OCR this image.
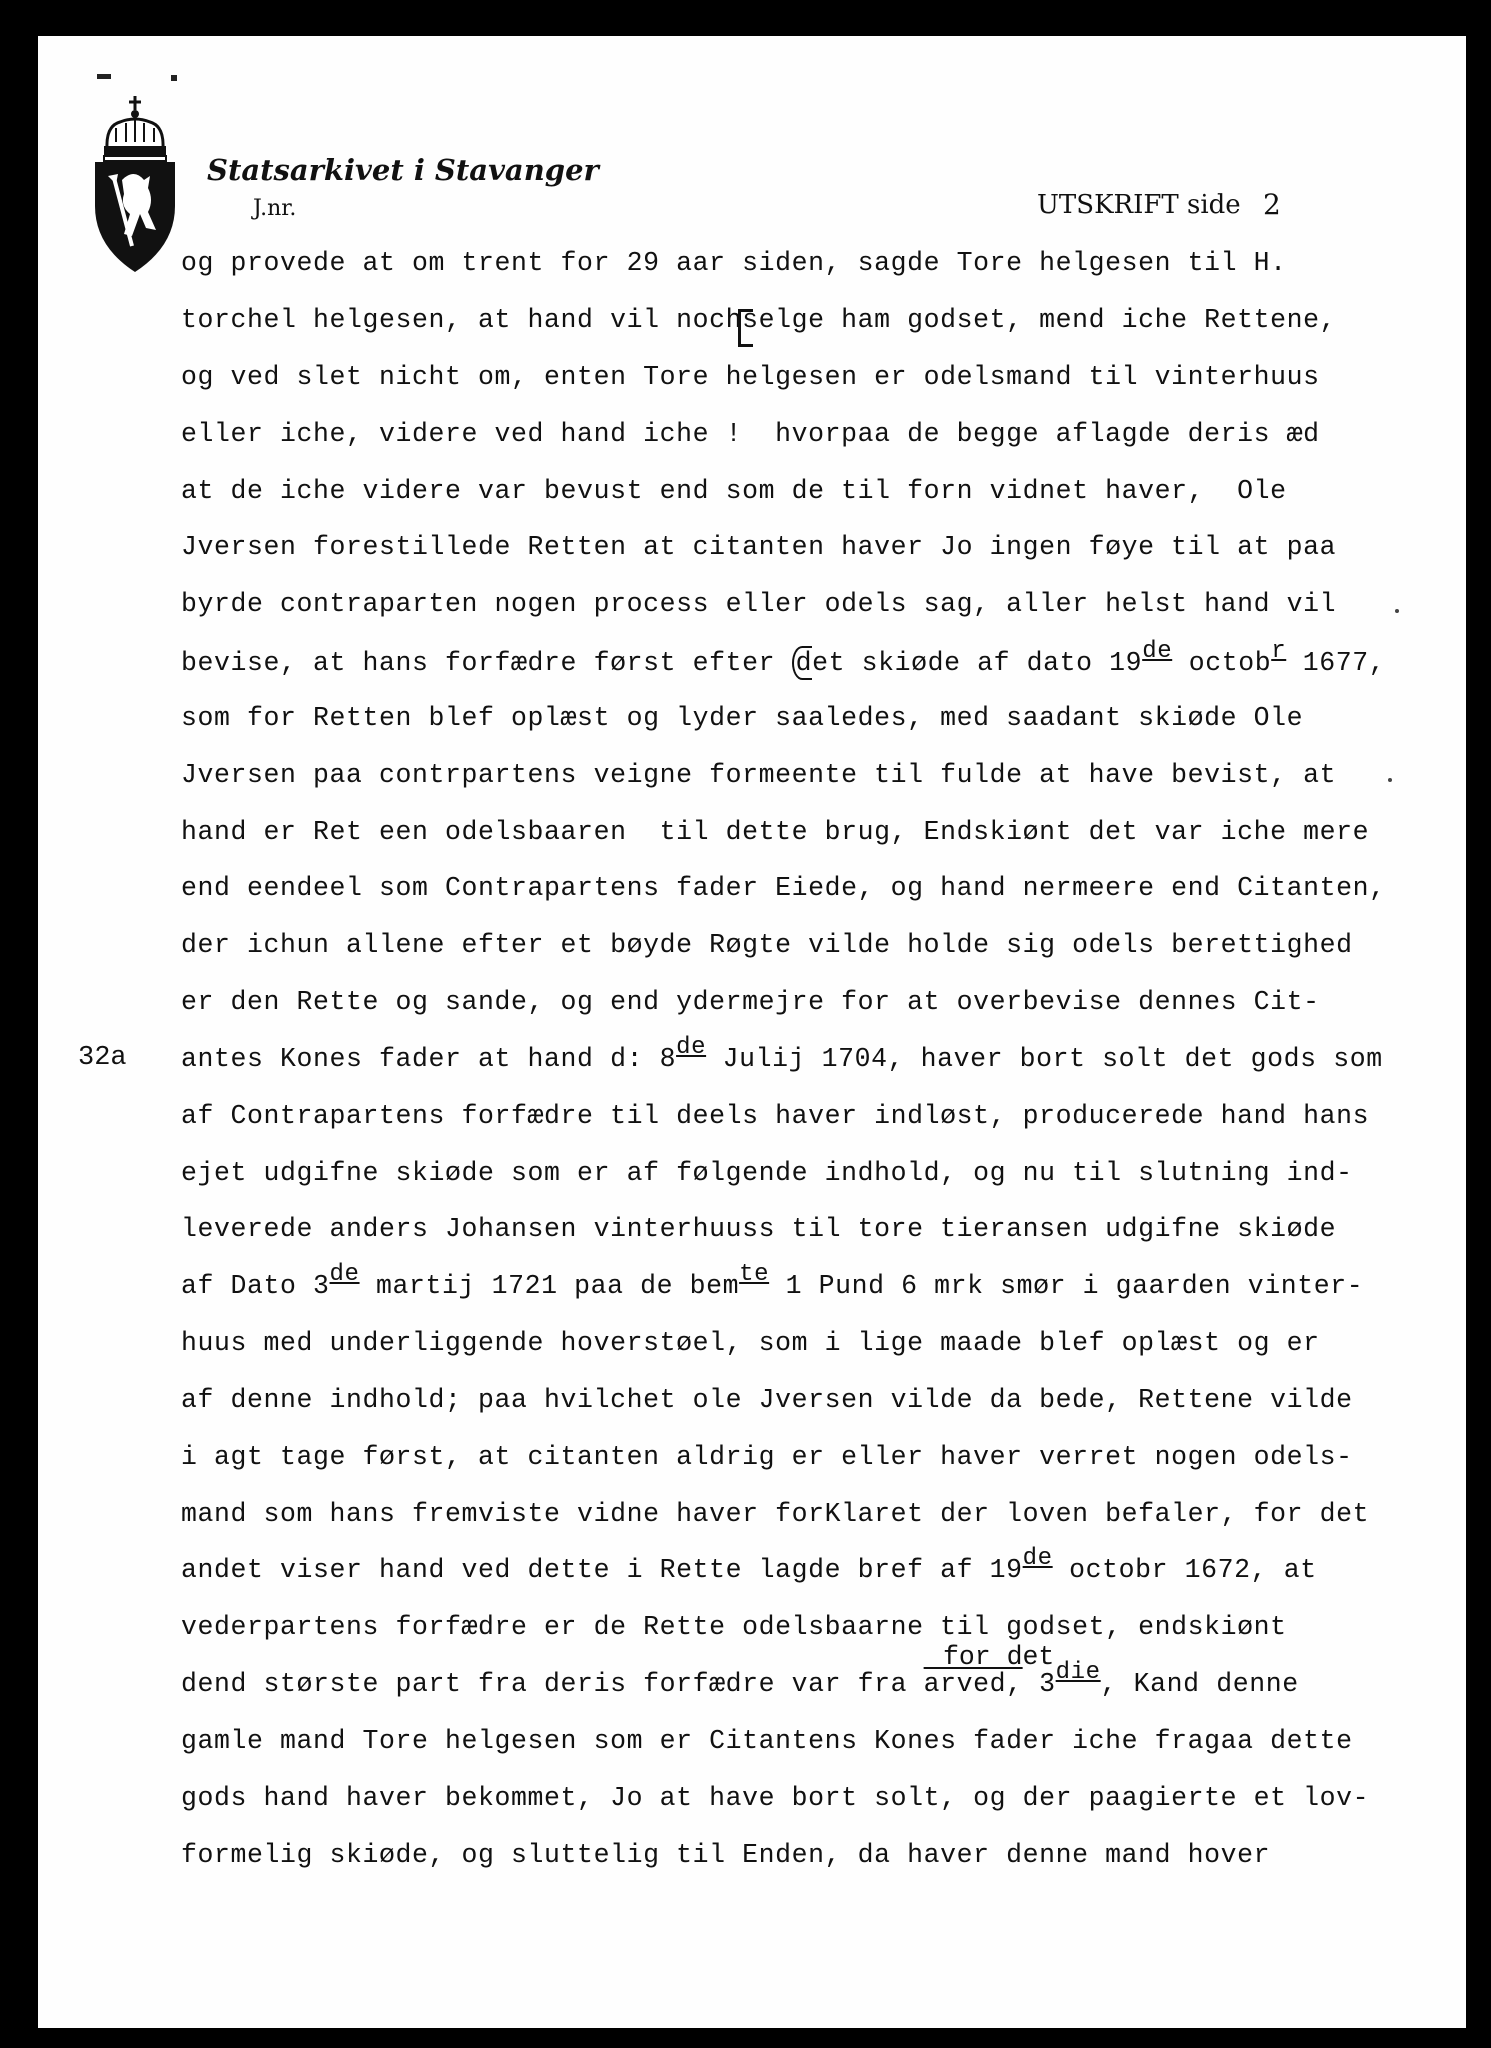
Statsarkivet i Stavanger
J.nr.	UTSKRIFT side 2
32a
for det
og provede at om trent for 29 aar siden, sagde Tore helgesen til H.
torchel helgesen, at hand vil nochselge ham godset, mend iche Rettene,
og ved slet nicht om, enten Tore helgesen er odelsmand til vinterhuus
eller iche, videre ved hand iche !  hvorpaa de begge aflagde deris æd
at de iche videre var bevust end som de til forn vidnet haver,  Ole
Jversen forestillede Retten at citanten haver Jo ingen føye til at paa
byrde contraparten nogen process eller odels sag, aller helst hand vil
bevise, at hans forfædre først efter det skiøde af dato 19de octobr 1677,
som for Retten blef oplæst og lyder saaledes, med saadant skiøde Ole
Jversen paa contrpartens veigne formeente til fulde at have bevist, at
hand er Ret een odelsbaaren  til dette brug, Endskiønt det var iche mere
end eendeel som Contrapartens fader Eiede, og hand nermeere end Citanten,
der ichun allene efter et bøyde Røgte vilde holde sig odels berettighed
er den Rette og sande, og end ydermejre for at overbevise dennes Cit-
antes Kones fader at hand d: 8de Julij 1704, haver bort solt det gods som
af Contrapartens forfædre til deels haver indløst, producerede hand hans
ejet udgifne skiøde som er af følgende indhold, og nu til slutning ind-
leverede anders Johansen vinterhuuss til tore tieransen udgifne skiøde
af Dato 3de martij 1721 paa de bemte 1 Pund 6 mrk smør i gaarden vinter-
huus med underliggende hoverstøel, som i lige maade blef oplæst og er
af denne indhold; paa hvilchet ole Jversen vilde da bede, Rettene vilde
i agt tage først, at citanten aldrig er eller haver verret nogen odels-
mand som hans fremviste vidne haver forKlaret der loven befaler, for det
andet viser hand ved dette i Rette lagde bref af 19de octobr 1672, at
vederpartens forfædre er de Rette odelsbaarne til godset, endskiønt
dend største part fra deris forfædre var fra arved, 3die, Kand denne
gamle mand Tore helgesen som er Citantens Kones fader iche fragaa dette
gods hand haver bekommet, Jo at have bort solt, og der paagierte et lov-
formelig skiøde, og sluttelig til Enden, da haver denne mand hover
